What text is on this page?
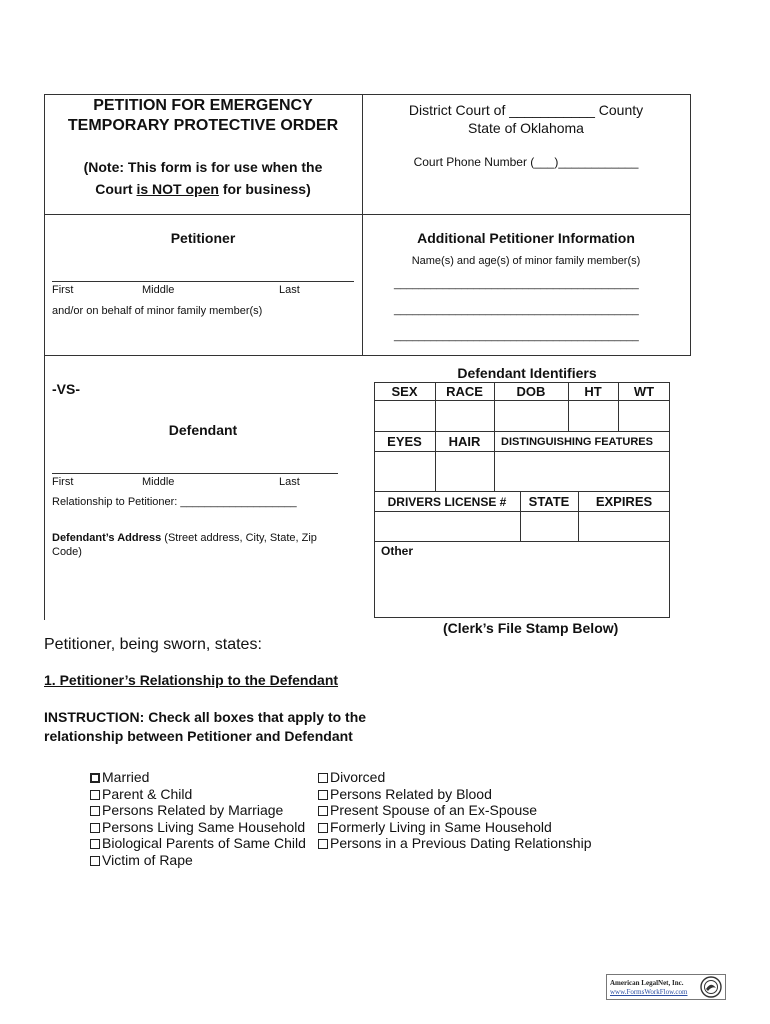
PETITION FOR EMERGENCY
TEMPORARY PROTECTIVE ORDER
(Note: This form is for use when the
Court is NOT open for business)
District Court of ___________ County
State of Oklahoma
Court Phone Number (___)____________
Petitioner
First	Middle	Last
and/or on behalf of minor family member(s)
Additional Petitioner Information
Name(s) and age(s) of minor family member(s)
________________________________________
________________________________________
________________________________________
-VS-
Defendant
First	Middle	Last
Relationship to Petitioner: ___________________
Defendant’s Address (Street address, City, State, Zip
Code)
Defendant Identifiers
SEX	RACE	DOB	HT	WT
EYES	HAIR	DISTINGUISHING FEATURES
DRIVERS LICENSE #	STATE	EXPIRES
Other
(Clerk’s File Stamp Below)
Petitioner, being sworn, states:
1. Petitioner’s Relationship to the Defendant
INSTRUCTION: Check all boxes that apply to the
relationship between Petitioner and Defendant
Married
Parent & Child
Persons Related by Marriage
Persons Living Same Household
Biological Parents of Same Child
Victim of Rape
Divorced
Persons Related by Blood
Present Spouse of an Ex-Spouse
Formerly Living in Same Household
Persons in a Previous Dating Relationship
American LegalNet, Inc.
www.FormsWorkFlow.com
